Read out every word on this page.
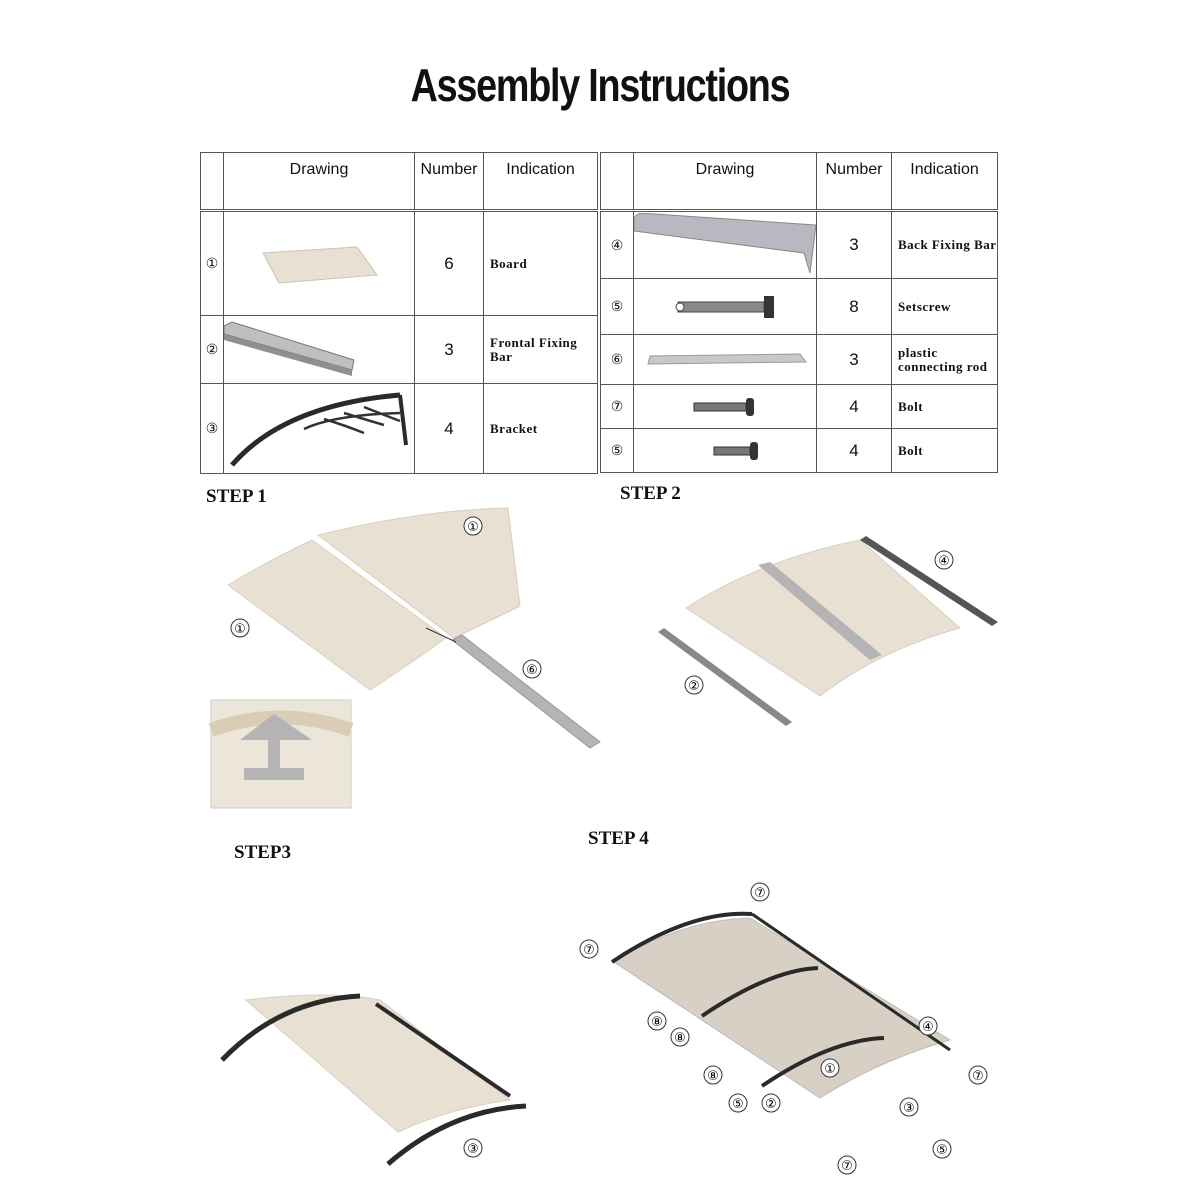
Assembly Instructions
	Drawing	Number	Indication
①		6	Board
②		3	Frontal Fixing Bar
③		4	Bracket
	Drawing	Number	Indication
④		3	Back Fixing Bar
⑤		8	Setscrew
⑥		3	plastic connecting rod
⑦		4	Bolt
⑤		4	Bolt
STEP 1	STEP 2
STEP3
STEP 4
①
①
⑥
④
②
③
⑦
⑦
④
①	⑦
⑧
⑧
⑧
⑤ ②	③
⑤
⑦
